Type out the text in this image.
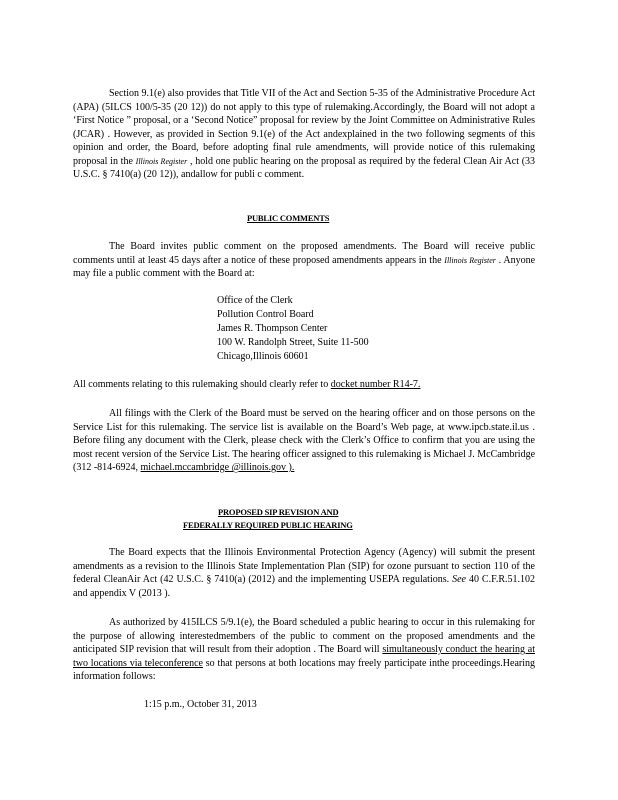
Section 9.1(e) also provides that Title VII of the Act and Section 5-35 of the Administrative Procedure Act (APA) (5ILCS 100/5-35 (20 12)) do not apply to this type of rulemaking.Accordingly, the Board will not adopt a ‘First Notice ” proposal, or a ‘Second Notice” proposal for review by the Joint Committee on Administrative Rules (JCAR) . However, as provided in Section 9.1(e) of the Act andexplained in the two following segments of this opinion and order, the Board, before adopting final rule amendments, will provide notice of this rulemaking proposal in the Illinois Register , hold one public hearing on the proposal as required by the federal Clean Air Act (33 U.S.C. § 7410(a) (20 12)), andallow for publi c comment.

PUBLIC COMMENTS

The Board invites public comment on the proposed amendments. The Board will receive public comments until at least 45 days after a notice of these proposed amendments appears in the Illinois Register . Anyone may file a public comment with the Board at:

Office of the Clerk
Pollution Control Board
James R. Thompson Center
100 W. Randolph Street, Suite 11-500
Chicago,Illinois 60601

All comments relating to this rulemaking should clearly refer to docket number R14-7.

All filings with the Clerk of the Board must be served on the hearing officer and on those persons on the Service List for this rulemaking. The service list is available on the Board’s Web page, at www.ipcb.state.il.us . Before filing any document with the Clerk, please check with the Clerk’s Office to confirm that you are using the most recent version of the Service List. The hearing officer assigned to this rulemaking is Michael J. McCambridge (312 -814-6924, michael.mccambridge @illinois.gov ).

PROPOSED SIP REVISION AND
FEDERALLY REQUIRED PUBLIC HEARING

The Board expects that the Illinois Environmental Protection Agency (Agency) will submit the present amendments as a revision to the Illinois State Implementation Plan (SIP) for ozone pursuant to section 110 of the federal CleanAir Act (42 U.S.C. § 7410(a) (2012) and the implementing USEPA regulations. See 40 C.F.R.51.102 and appendix V (2013 ).

As authorized by 415ILCS 5/9.1(e), the Board scheduled a public hearing to occur in this rulemaking for the purpose of allowing interestedmembers of the public to comment on the proposed amendments and the anticipated SIP revision that will result from their adoption . The Board will simultaneously conduct the hearing at two locations via teleconference so that persons at both locations may freely participate inthe proceedings.Hearing information follows:

1:15 p.m., October 31, 2013
